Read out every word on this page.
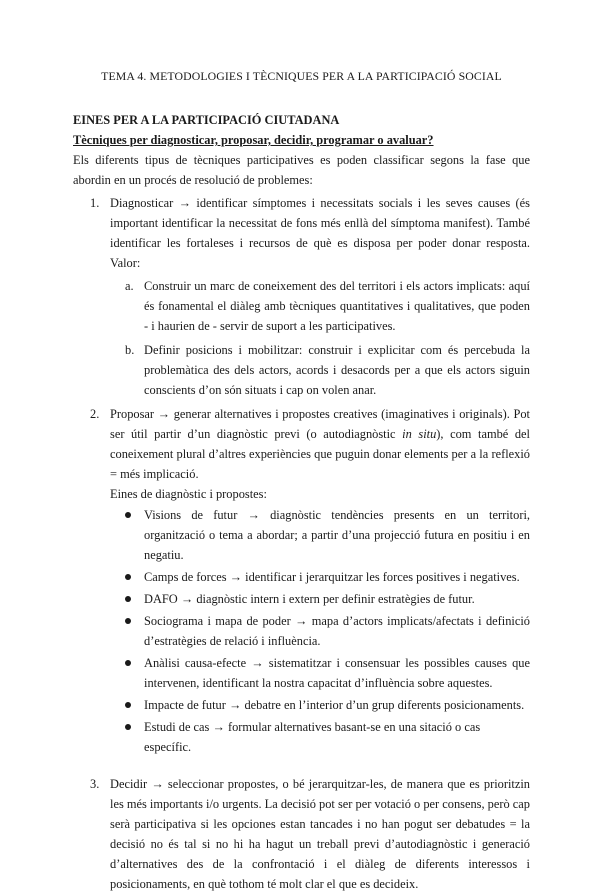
TEMA 4. METODOLOGIES I TÈCNIQUES PER A LA PARTICIPACIÓ SOCIAL

EINES PER A LA PARTICIPACIÓ CIUTADANA

Tècniques per diagnosticar, proposar, decidir, programar o avaluar?

Els diferents tipus de tècniques participatives es poden classificar segons la fase que abordin en un procés de resolució de problemes:

1. Diagnosticar → identificar símptomes i necessitats socials i les seves causes (és important identificar la necessitat de fons més enllà del símptoma manifest). També identificar les fortaleses i recursos de què es disposa per poder donar resposta. Valor:

a. Construir un marc de coneixement des del territori i els actors implicats: aquí és fonamental el diàleg amb tècniques quantitatives i qualitatives, que poden - i haurien de - servir de suport a les participatives.

b. Definir posicions i mobilitzar: construir i explicitar com és percebuda la problemàtica des dels actors, acords i desacords per a que els actors siguin conscients d’on són situats i cap on volen anar.

2. Proposar → generar alternatives i propostes creatives (imaginatives i originals). Pot ser útil partir d’un diagnòstic previ (o autodiagnòstic in situ), com també del coneixement plural d’altres experiències que puguin donar elements per a la reflexió = més implicació.

Eines de diagnòstic i propostes:

Visions de futur → diagnòstic tendències presents en un territori, organització o tema a abordar; a partir d’una projecció futura en positiu i en negatiu.

Camps de forces → identificar i jerarquitzar les forces positives i negatives.

DAFO → diagnòstic intern i extern per definir estratègies de futur.

Sociograma i mapa de poder → mapa d’actors implicats/afectats i definició d’estratègies de relació i influència.

Anàlisi causa-efecte → sistematitzar i consensuar les possibles causes que intervenen, identificant la nostra capacitat d’influència sobre aquestes.

Impacte de futur → debatre en l’interior d’un grup diferents posicionaments.

Estudi de cas → formular alternatives basant-se en una sitació o cas específic.

3. Decidir → seleccionar propostes, o bé jerarquitzar-les, de manera que es prioritzin les més importants i/o urgents. La decisió pot ser per votació o per consens, però cap serà participativa si les opciones estan tancades i no han pogut ser debatudes = la decisió no és tal si no hi ha hagut un treball previ d’autodiagnòstic i generació d’alternatives des de la confrontació i el diàleg de diferents interessos i posicionaments, en què tothom té molt clar el que es decideix.
